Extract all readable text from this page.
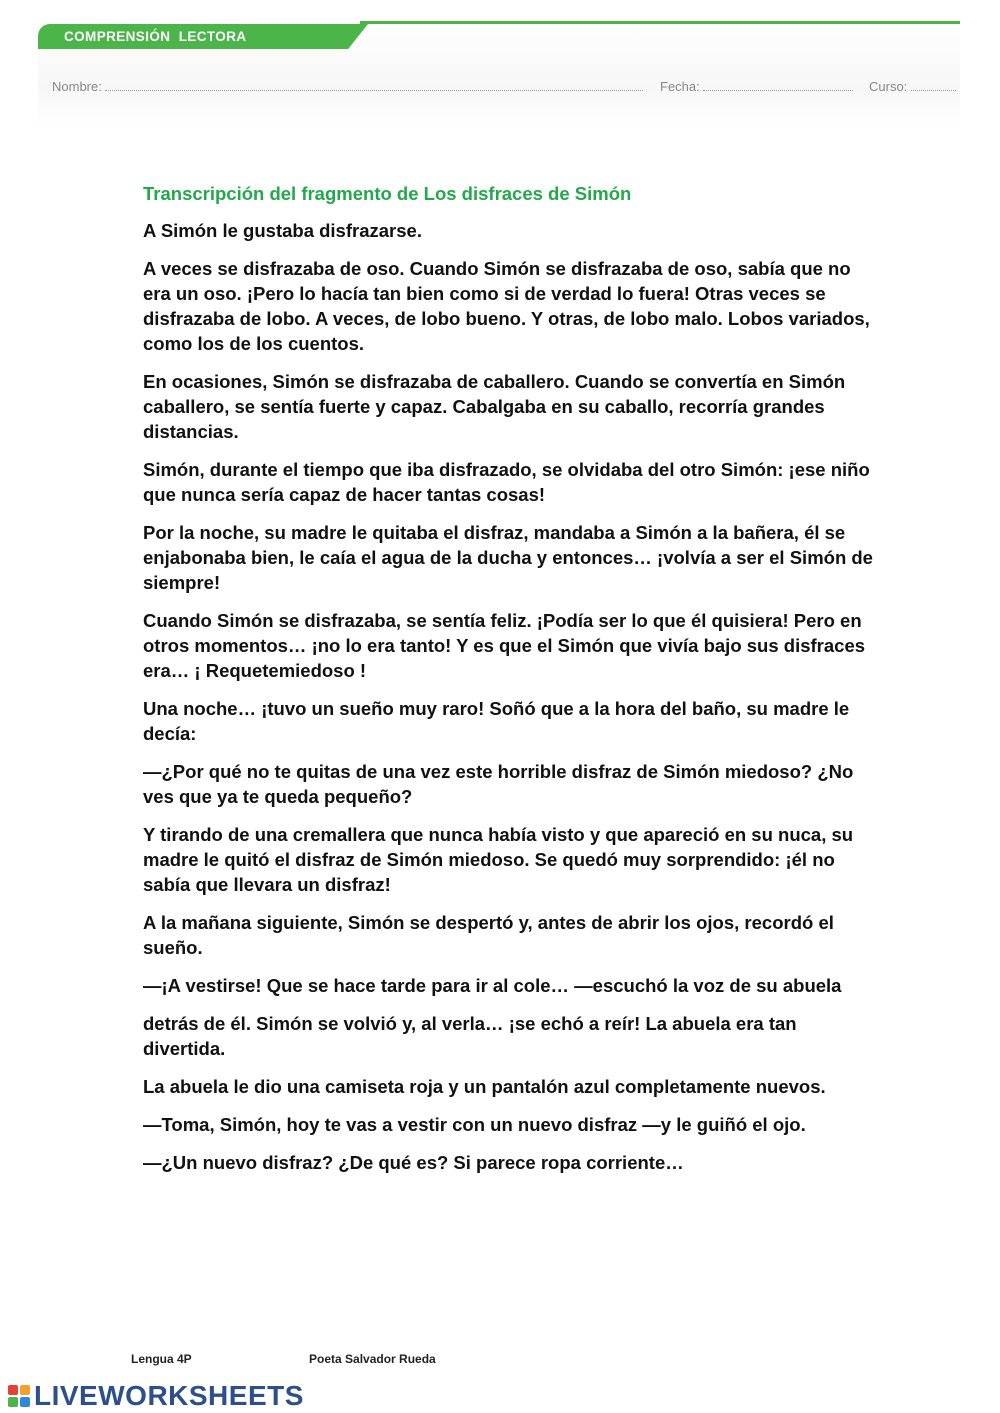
COMPRENSIÓN  LECTORA
Nombre:	Fecha:	Curso:
Transcripción del fragmento de Los disfraces de Simón

A Simón le gustaba disfrazarse.

A veces se disfrazaba de oso. Cuando Simón se disfrazaba de oso, sabía que no era un oso. ¡Pero lo hacía tan bien como si de verdad lo fuera! Otras veces se disfrazaba de lobo. A veces, de lobo bueno. Y otras, de lobo malo. Lobos variados, como los de los cuentos.

En ocasiones, Simón se disfrazaba de caballero. Cuando se convertía en Simón caballero, se sentía fuerte y capaz. Cabalgaba en su caballo, recorría grandes distancias.

Simón, durante el tiempo que iba disfrazado, se olvidaba del otro Simón: ¡ese niño que nunca sería capaz de hacer tantas cosas!

Por la noche, su madre le quitaba el disfraz, mandaba a Simón a la bañera, él se enjabonaba bien, le caía el agua de la ducha y entonces… ¡volvía a ser el Simón de siempre!

Cuando Simón se disfrazaba, se sentía feliz. ¡Podía ser lo que él quisiera! Pero en otros momentos… ¡no lo era tanto! Y es que el Simón que vivía bajo sus disfraces era… ¡ Requetemiedoso !

Una noche… ¡tuvo un sueño muy raro! Soñó que a la hora del baño, su madre le decía:

—¿Por qué no te quitas de una vez este horrible disfraz de Simón miedoso? ¿No ves que ya te queda pequeño?

Y tirando de una cremallera que nunca había visto y que apareció en su nuca, su madre le quitó el disfraz de Simón miedoso. Se quedó muy sorprendido: ¡él no sabía que llevara un disfraz!

A la mañana siguiente, Simón se despertó y, antes de abrir los ojos, recordó el sueño.

—¡A vestirse! Que se hace tarde para ir al cole… —escuchó la voz de su abuela

detrás de él. Simón se volvió y, al verla… ¡se echó a reír! La abuela era tan divertida.

La abuela le dio una camiseta roja y un pantalón azul completamente nuevos.

—Toma, Simón, hoy te vas a vestir con un nuevo disfraz —y le guiñó el ojo.

—¿Un nuevo disfraz? ¿De qué es? Si parece ropa corriente…

Lengua 4P	Poeta Salvador Rueda
LIVEWORKSHEETS
